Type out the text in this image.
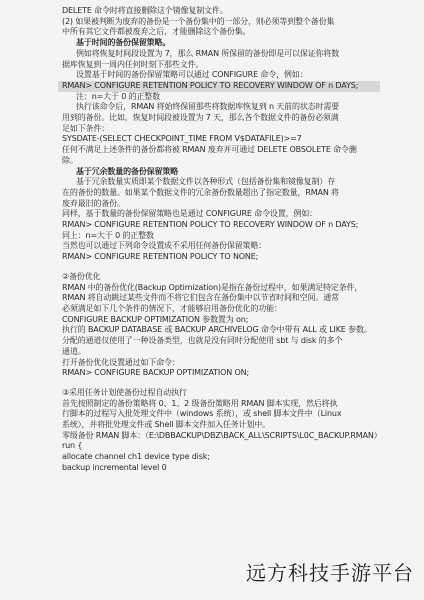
DELETE 命令时将直接删除这个镜像复制文件。
(2) 如果被判断为废弃的备份是一个备份集中的一部分，则必须等到整个备份集
中所有其它文件都被废弃之后，才能删除这个备份集。
基于时间的备份保留策略。
例如将恢复时间段设置为 7，那么 RMAN 所保留的备份即是可以保证你将数
据库恢复到一周内任何时刻下那些文件。
设置基于时间的备份保留策略可以通过 CONFIGURE 命令，例如：
RMAN> CONFIGURE RETENTION POLICY TO RECOVERY WINDOW OF n DAYS;
注：n=大于 0 的正整数
执行该命令后，RMAN 将始终保留那些将数据库恢复到 n 天前的状态时需要
用到的备份。比如，恢复时间段被设置为 7 天，那么各个数据文件的备份必须满
足如下条件：
SYSDATE-(SELECT CHECKPOINT_TIME FROM V$DATAFILE)>=7
任何不满足上述条件的备份都将被 RMAN 废弃并可通过 DELETE OBSOLETE 命令删
除。
基于冗余数量的备份保留策略
基于冗余数量实质即某个数据文件以各种形式（包括备份集和镜像复制）存
在的备份的数量。如果某个数据文件的冗余备份数量超出了指定数量，RMAN 将
废弃最旧的备份。
同样，基于数量的备份保留策略也是通过 CONFIGURE 命令设置，例如：
RMAN> CONFIGURE RETENTION POLICY TO RECOVERY WINDOW OF n DAYS;
同上：n=大于 0 的正整数
当然也可以通过下列命令设置成不采用任何备份保留策略：
RMAN> CONFIGURE RETENTION POLICY TO NONE;
②备份优化
RMAN 中的备份优化(Backup Optimization)是指在备份过程中，如果满足特定条件，
RMAN 将自动跳过某些文件而不将它们包含在备份集中以节省时间和空间。通常
必须满足如下几个条件的情况下，才能够启用备份优化的功能：
CONFIGURE BACKUP OPTIMIZATION 参数置为 on;
执行的 BACKUP DATABASE 或 BACKUP ARCHIVELOG 命令中带有 ALL 或 LIKE 参数。
分配的通道仅使用了一种设备类型，也就是没有同时分配使用 sbt 与 disk 的多个
通道。
打开备份优化设置通过如下命令：
RMAN> CONFIGURE BACKUP OPTIMIZATION ON;
③采用任务计划使备份过程自动执行
首先按照制定的备份策略将 0、1、2 级备份策略用 RMAN 脚本实现，然后将执
行脚本的过程写入批处理文件中（windows 系统），或 shell 脚本文件中（Linux
系统），并将批处理文件或 Shell 脚本文件加入任务计划中。
零级备份 RMAN 脚本：（E:\DBBACKUP\DBZ\BACK_ALL\SCRIPTS\L0C_BACKUP.RMAN）
run {
allocate channel ch1 device type disk;
backup incremental level 0
远方科技手游平台
